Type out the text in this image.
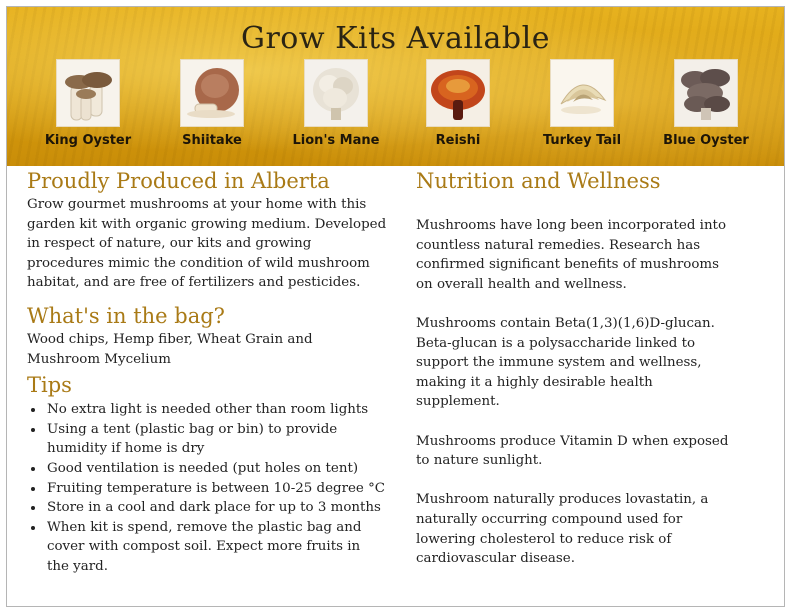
Grow Kits Available
King Oyster	Shiitake	Lion's Mane	Reishi	Turkey Tail	Blue Oyster
Proudly Produced in Alberta

Grow gourmet mushrooms at your home with this garden kit with organic growing medium. Developed in respect of nature, our kits and growing procedures mimic the condition of wild mushroom habitat, and are free of fertilizers and pesticides.

What's in the bag?

Wood chips, Hemp fiber, Wheat Grain and Mushroom Mycelium

Tips
• No extra light is needed other than room lights
• Using a tent (plastic bag or bin) to provide humidity if home is dry
• Good ventilation is needed (put holes on tent)
• Fruiting temperature is between 10-25 degree °C
• Store in a cool and dark place for up to 3 months
• When kit is spend, remove the plastic bag and cover with compost soil. Expect more fruits in the yard.
Nutrition and Wellness

Mushrooms have long been incorporated into countless natural remedies. Research has confirmed significant benefits of mushrooms on overall health and wellness.

Mushrooms contain Beta(1,3)(1,6)D-glucan. Beta-glucan is a polysaccharide linked to support the immune system and wellness, making it a highly desirable health supplement.

Mushrooms produce Vitamin D when exposed to nature sunlight.

Mushroom naturally produces lovastatin, a naturally occurring compound used for lowering cholesterol to reduce risk of cardiovascular disease.
